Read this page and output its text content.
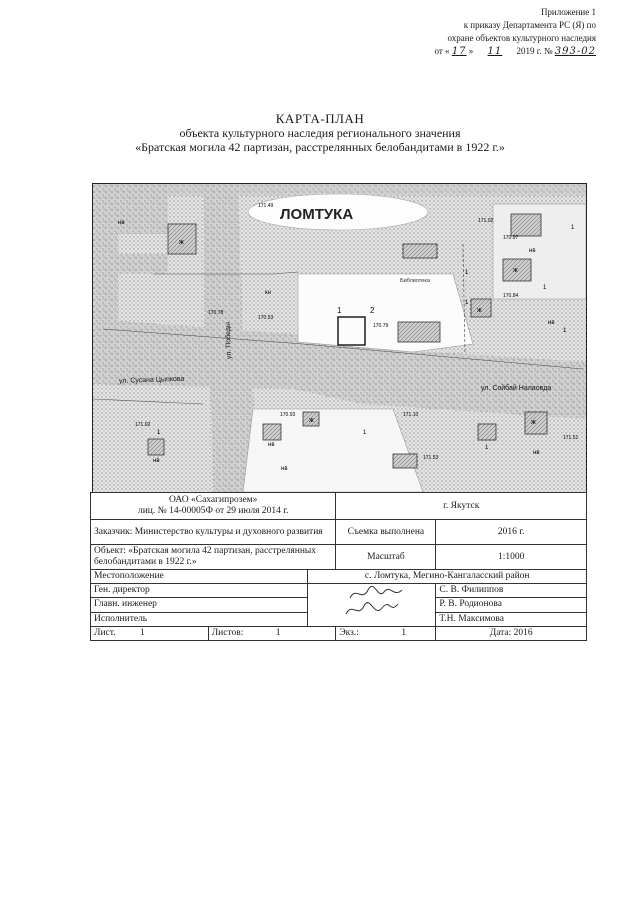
Приложение 1
к приказу Департамента РС (Я) по
охране объектов культурного наследия
от « 17 » 11 2019 г. № 393-02
КАРТА-ПЛАН
объекта культурного наследия регионального значения
«Братская могила 42 партизан, расстрелянных белобандитами в 1922 г.»
ЛОМТУКА
ул. Сусана Цыпкова
ул. Сойбай Налаовда
ул. Победы
Библиотека
1	2
171.49
171.02
170.97
170.79
170.53
170.78
171.02
170.93	171.10
171.53
171.51
170.84
нв
нв
нв
нв
нв
нв
нв
ж
ж	ж
ж
ж
кн
1
1
1
1
1
1
1
1
ОАО «Сахагипрозем»
лиц. № 14-00005Ф от 29 июля 2014 г.			г. Якутск	

Заказчик: Министерство культуры и духовного развития			Съемка выполнена	2016 г.
Объект: «Братская могила 42 партизан, расстрелянных белобандитами в 1922 г.»			Масштаб	1:1000
Местоположение		с. Ломтука, Мегино-Кангаласский район		
Ген. директор				С. В. Филиппов
Главн. инженер				Р. В. Родионова
Исполнитель				Т.Н. Максимова
Лист. 1	Листов: 1		Экз.: 1	Дата: 2016
